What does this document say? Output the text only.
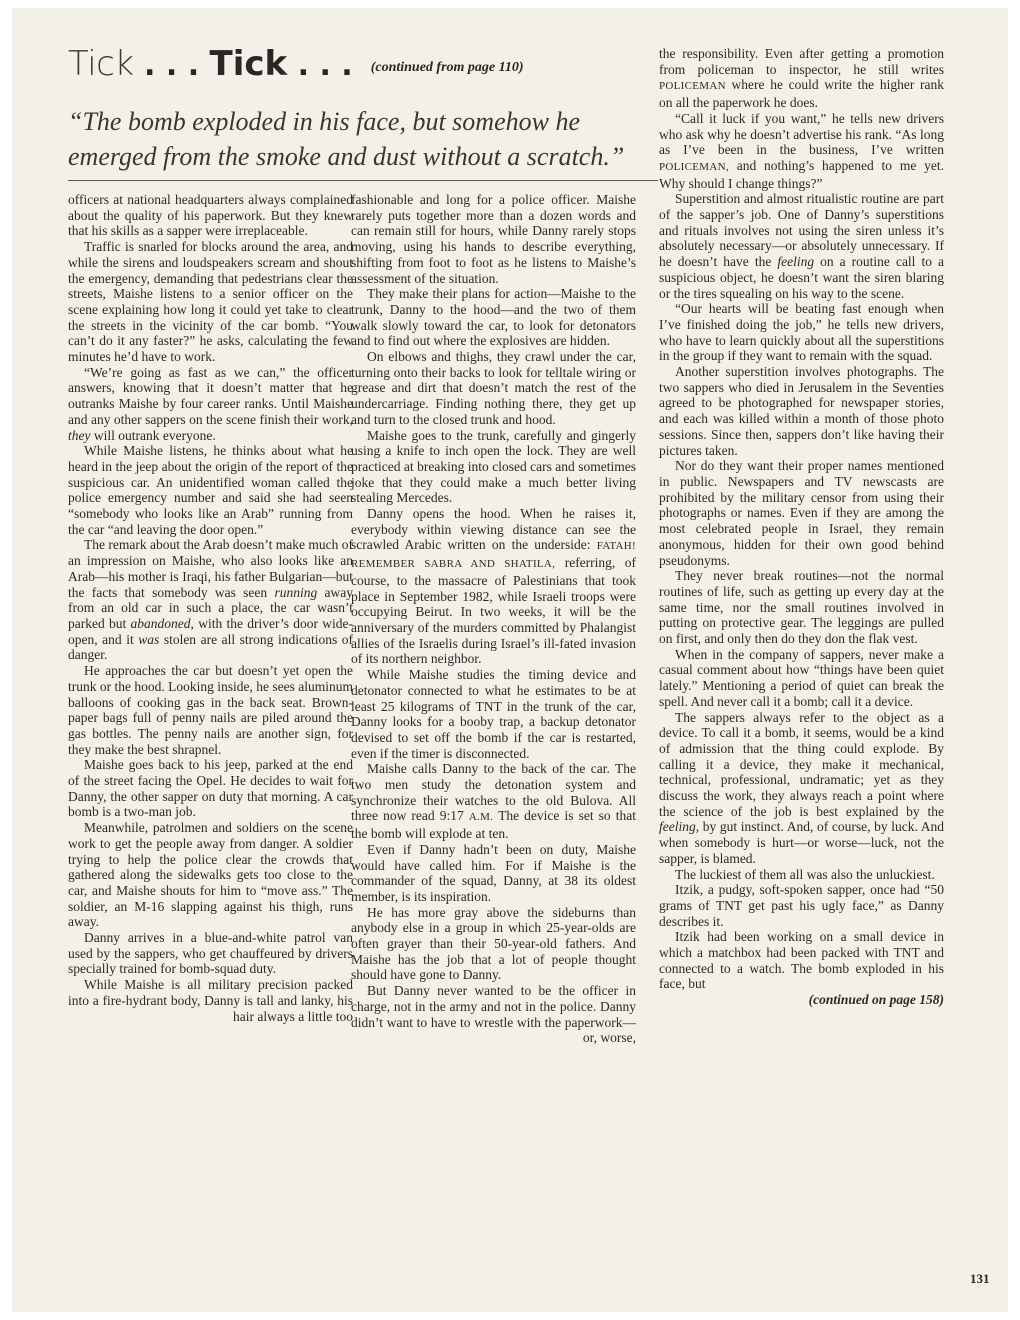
Tick . . . Tick . . . (continued from page 110)
“The bomb exploded in his face, but somehow he emerged from the smoke and dust without a scratch.”

officers at national headquarters always complained about the quality of his paperwork. But they knew that his skills as a sapper were irreplaceable.

Traffic is snarled for blocks around the area, and while the sirens and loudspeakers scream and shout the emergency, demanding that pedestrians clear the streets, Maishe listens to a senior officer on the scene explaining how long it could yet take to clear the streets in the vicinity of the car bomb. “You can’t do it any faster?” he asks, calculating the few minutes he’d have to work.

“We’re going as fast as we can,” the officer answers, knowing that it doesn’t matter that he outranks Maishe by four career ranks. Until Maishe and any other sappers on the scene finish their work, they will outrank everyone.

While Maishe listens, he thinks about what he heard in the jeep about the origin of the report of the suspicious car. An unidentified woman called the police emergency number and said she had seen “somebody who looks like an Arab” running from the car “and leaving the door open.”

The remark about the Arab doesn’t make much of an impression on Maishe, who also looks like an Arab—his mother is Iraqi, his father Bulgarian—but the facts that somebody was seen running away from an old car in such a place, the car wasn’t parked but abandoned, with the driver’s door wide-open, and it was stolen are all strong indications of danger.

He approaches the car but doesn’t yet open the trunk or the hood. Looking inside, he sees aluminum balloons of cooking gas in the back seat. Brown-paper bags full of penny nails are piled around the gas bottles. The penny nails are another sign, for they make the best shrapnel.

Maishe goes back to his jeep, parked at the end of the street facing the Opel. He decides to wait for Danny, the other sapper on duty that morning. A car bomb is a two-man job.

Meanwhile, patrolmen and soldiers on the scene work to get the people away from danger. A soldier trying to help the police clear the crowds that gathered along the sidewalks gets too close to the car, and Maishe shouts for him to “move ass.” The soldier, an M-16 slapping against his thigh, runs away.

Danny arrives in a blue-and-white patrol van used by the sappers, who get chauffeured by drivers specially trained for bomb-squad duty.

While Maishe is all military precision packed into a fire-hydrant body, Danny is tall and lanky, his hair always a little too

fashionable and long for a police officer. Maishe rarely puts together more than a dozen words and can remain still for hours, while Danny rarely stops moving, using his hands to describe everything, shifting from foot to foot as he listens to Maishe’s assessment of the situation.

They make their plans for action—Maishe to the trunk, Danny to the hood—and the two of them walk slowly toward the car, to look for detonators and to find out where the explosives are hidden.

On elbows and thighs, they crawl under the car, turning onto their backs to look for telltale wiring or grease and dirt that doesn’t match the rest of the undercarriage. Finding nothing there, they get up and turn to the closed trunk and hood.

Maishe goes to the trunk, carefully and gingerly using a knife to inch open the lock. They are well practiced at breaking into closed cars and sometimes joke that they could make a much better living stealing Mercedes.

Danny opens the hood. When he raises it, everybody within viewing distance can see the scrawled Arabic written on the underside: FATAH! REMEMBER SABRA AND SHATILA, referring, of course, to the massacre of Palestinians that took place in September 1982, while Israeli troops were occupying Beirut. In two weeks, it will be the anniversary of the murders committed by Phalangist allies of the Israelis during Israel’s ill-fated invasion of its northern neighbor.

While Maishe studies the timing device and detonator connected to what he estimates to be at least 25 kilograms of TNT in the trunk of the car, Danny looks for a booby trap, a backup detonator devised to set off the bomb if the car is restarted, even if the timer is disconnected.

Maishe calls Danny to the back of the car. The two men study the detonation system and synchronize their watches to the old Bulova. All three now read 9:17 A.M. The device is set so that the bomb will explode at ten.

Even if Danny hadn’t been on duty, Maishe would have called him. For if Maishe is the commander of the squad, Danny, at 38 its oldest member, is its inspiration.

He has more gray above the sideburns than anybody else in a group in which 25-year-olds are often grayer than their 50-year-old fathers. And Maishe has the job that a lot of people thought should have gone to Danny.

But Danny never wanted to be the officer in charge, not in the army and not in the police. Danny didn’t want to have to wrestle with the paperwork—or, worse,

the responsibility. Even after getting a promotion from policeman to inspector, he still writes POLICEMAN where he could write the higher rank on all the paperwork he does.

“Call it luck if you want,” he tells new drivers who ask why he doesn’t advertise his rank. “As long as I’ve been in the business, I’ve written POLICEMAN, and nothing’s happened to me yet. Why should I change things?”

Superstition and almost ritualistic routine are part of the sapper’s job. One of Danny’s superstitions and rituals involves not using the siren unless it’s absolutely necessary—or absolutely unnecessary. If he doesn’t have the feeling on a routine call to a suspicious object, he doesn’t want the siren blaring or the tires squealing on his way to the scene.

“Our hearts will be beating fast enough when I’ve finished doing the job,” he tells new drivers, who have to learn quickly about all the superstitions in the group if they want to remain with the squad.

Another superstition involves photographs. The two sappers who died in Jerusalem in the Seventies agreed to be photographed for newspaper stories, and each was killed within a month of those photo sessions. Since then, sappers don’t like having their pictures taken.

Nor do they want their proper names mentioned in public. Newspapers and TV newscasts are prohibited by the military censor from using their photographs or names. Even if they are among the most celebrated people in Israel, they remain anonymous, hidden for their own good behind pseudonyms.

They never break routines—not the normal routines of life, such as getting up every day at the same time, nor the small routines involved in putting on protective gear. The leggings are pulled on first, and only then do they don the flak vest.

When in the company of sappers, never make a casual comment about how “things have been quiet lately.” Mentioning a period of quiet can break the spell. And never call it a bomb; call it a device.

The sappers always refer to the object as a device. To call it a bomb, it seems, would be a kind of admission that the thing could explode. By calling it a device, they make it mechanical, technical, professional, undramatic; yet as they discuss the work, they always reach a point where the science of the job is best explained by the feeling, by gut instinct. And, of course, by luck. And when somebody is hurt—or worse—luck, not the sapper, is blamed.

The luckiest of them all was also the unluckiest.

Itzik, a pudgy, soft-spoken sapper, once had “50 grams of TNT get past his ugly face,” as Danny describes it.

Itzik had been working on a small device in which a matchbox had been packed with TNT and connected to a watch. The bomb exploded in his face, but

(continued on page 158)

131
